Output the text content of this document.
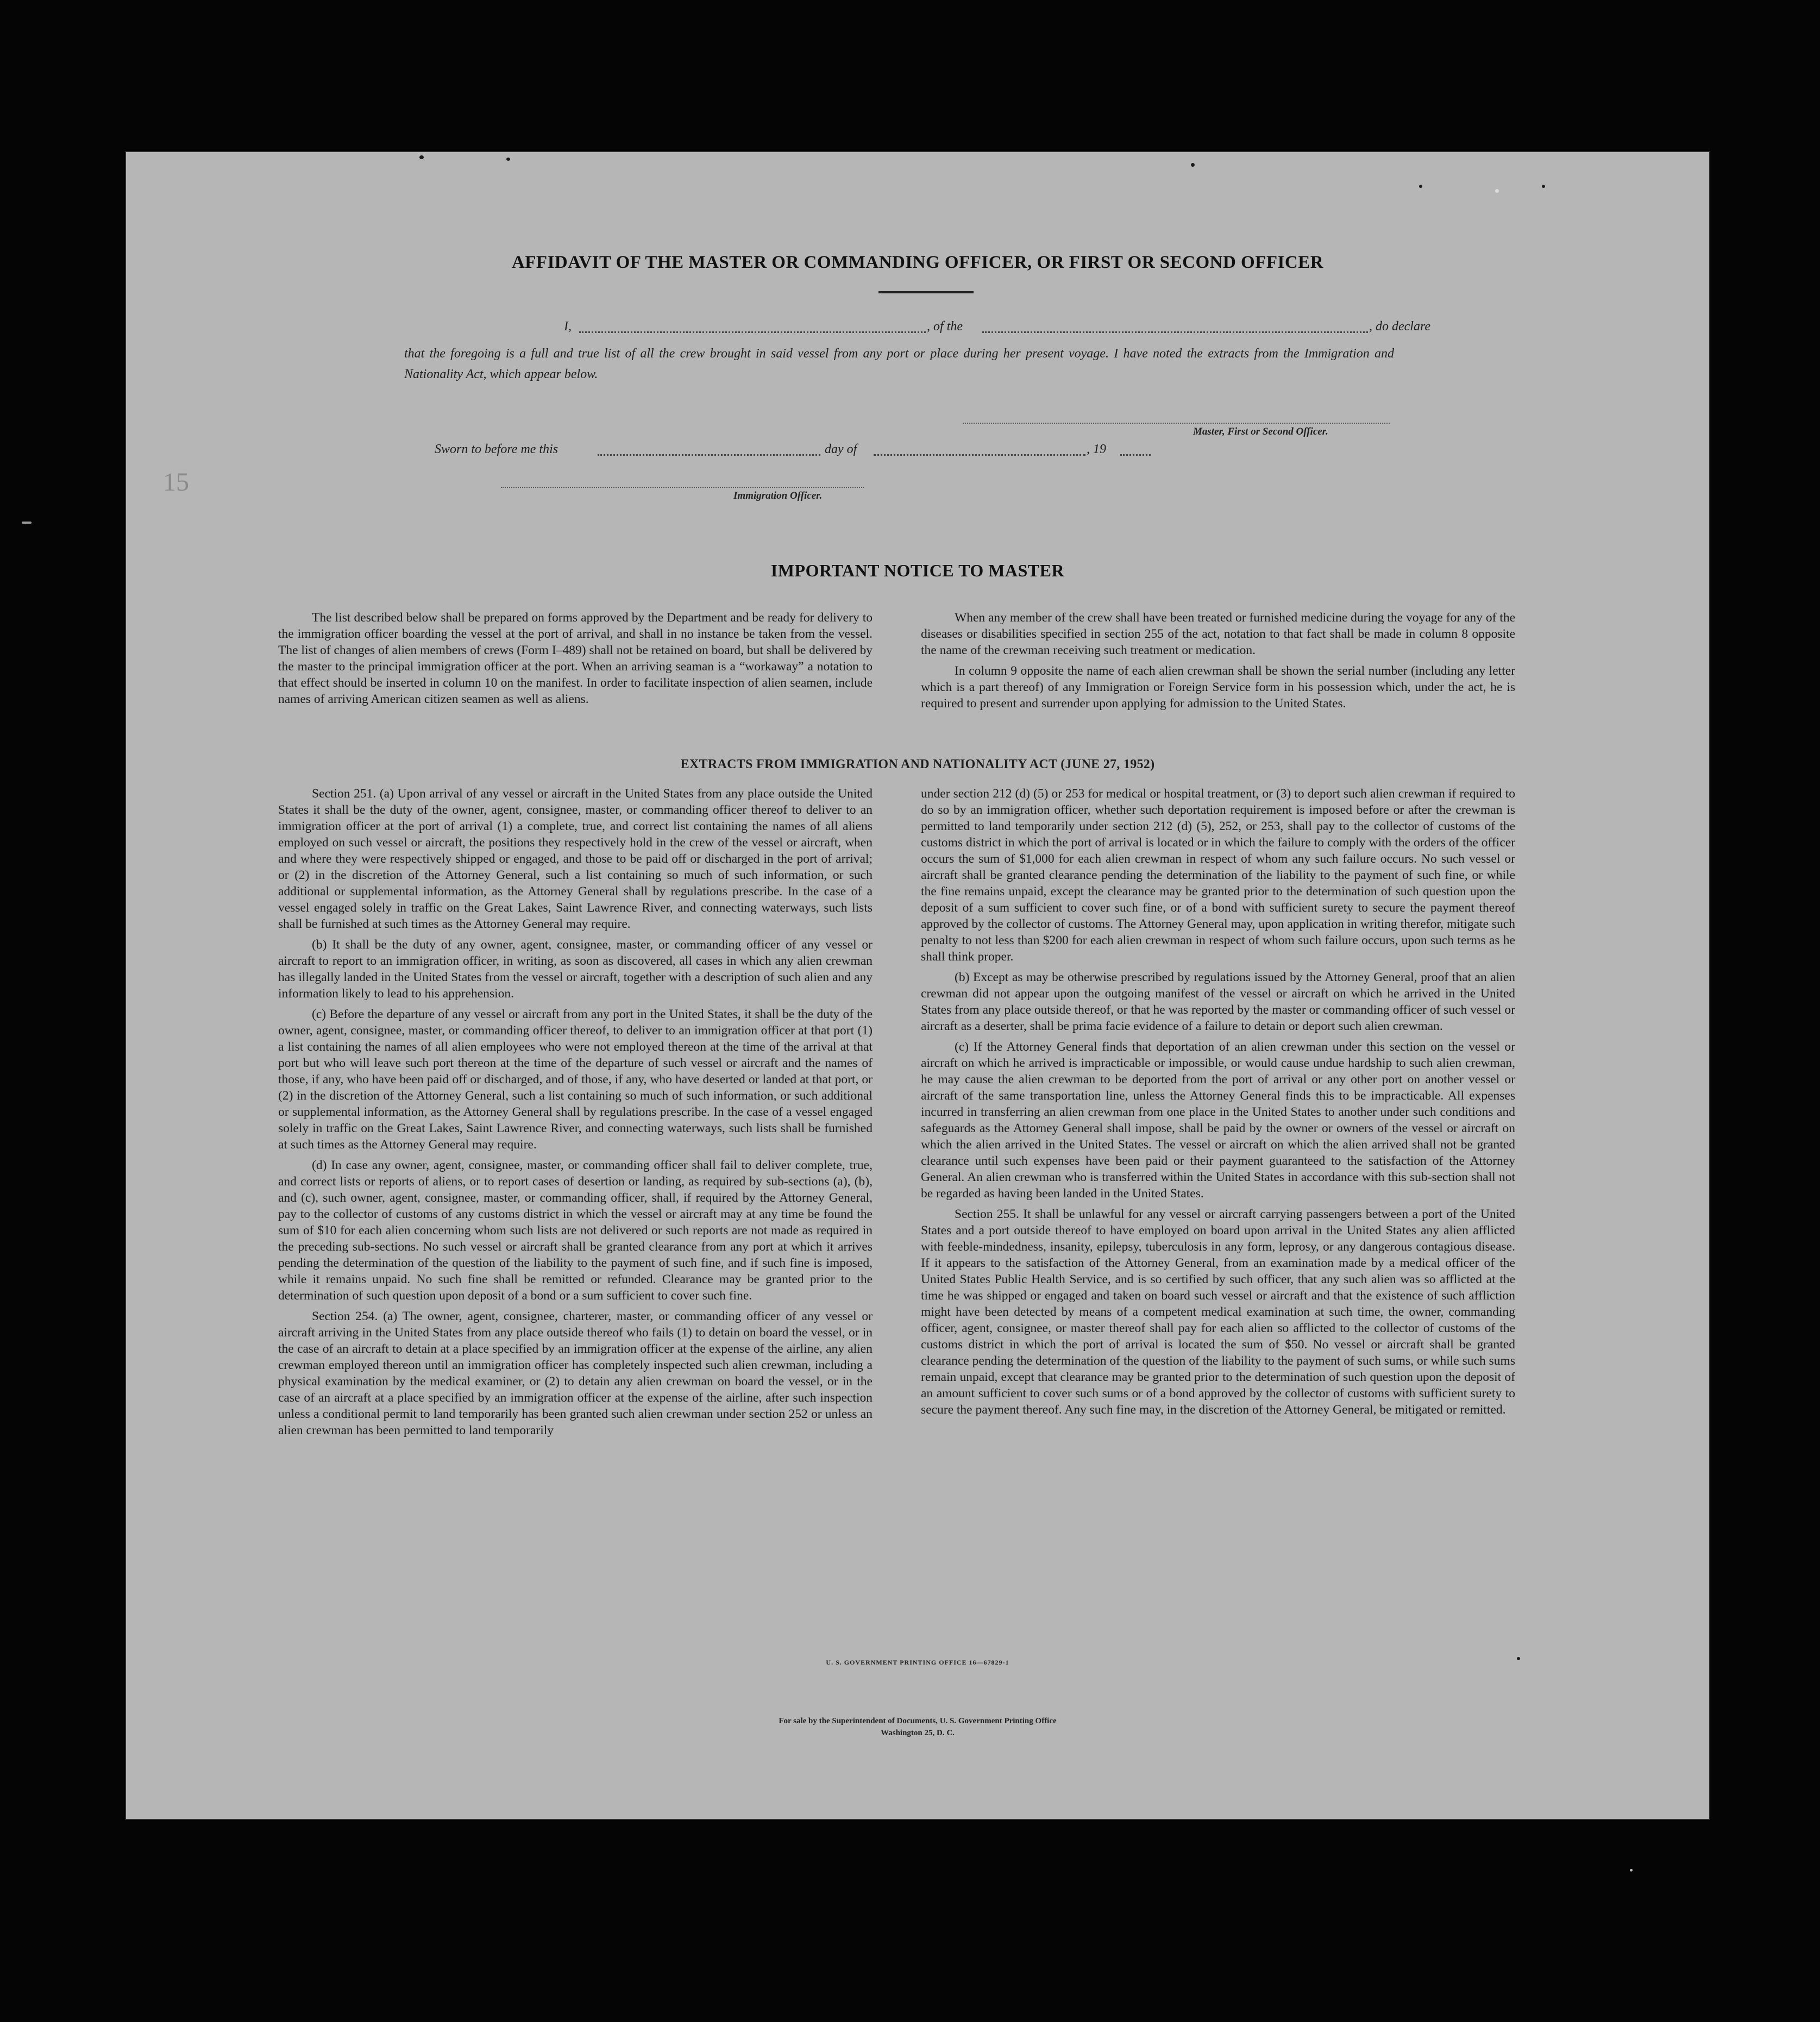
AFFIDAVIT OF THE MASTER OR COMMANDING OFFICER, OR FIRST OR SECOND OFFICER
I,	, of the	, do declare
that the foregoing is a full and true list of all the crew brought in said vessel from any port or place during her present voyage. I have noted the extracts from the Immigration and Nationality Act, which appear below.
Master, First or Second Officer.
Sworn to before me this	day of	, 19
Immigration Officer.
IMPORTANT NOTICE TO MASTER

The list described below shall be prepared on forms approved by the Department and be ready for delivery to the immigration officer boarding the vessel at the port of arrival, and shall in no instance be taken from the vessel. The list of changes of alien members of crews (Form I–489) shall not be retained on board, but shall be delivered by the master to the principal immigration officer at the port. When an arriving seaman is a “workaway” a notation to that effect should be inserted in column 10 on the manifest. In order to facilitate inspection of alien seamen, include names of arriving American citizen seamen as well as aliens.

When any member of the crew shall have been treated or furnished medicine during the voyage for any of the diseases or disabilities specified in section 255 of the act, notation to that fact shall be made in column 8 opposite the name of the crewman receiving such treatment or medication.

In column 9 opposite the name of each alien crewman shall be shown the serial number (including any letter which is a part thereof) of any Immigration or Foreign Service form in his possession which, under the act, he is required to present and surrender upon applying for admission to the United States.

EXTRACTS FROM IMMIGRATION AND NATIONALITY ACT (JUNE 27, 1952)

Section 251. (a) Upon arrival of any vessel or aircraft in the United States from any place outside the United States it shall be the duty of the owner, agent, consignee, master, or commanding officer thereof to deliver to an immigration officer at the port of arrival (1) a complete, true, and correct list containing the names of all aliens employed on such vessel or aircraft, the positions they respectively hold in the crew of the vessel or aircraft, when and where they were respectively shipped or engaged, and those to be paid off or discharged in the port of arrival; or (2) in the discretion of the Attorney General, such a list containing so much of such information, or such additional or supplemental information, as the Attorney General shall by regulations prescribe. In the case of a vessel engaged solely in traffic on the Great Lakes, Saint Lawrence River, and connecting waterways, such lists shall be furnished at such times as the Attorney General may require.

(b) It shall be the duty of any owner, agent, consignee, master, or commanding officer of any vessel or aircraft to report to an immigration officer, in writing, as soon as discovered, all cases in which any alien crewman has illegally landed in the United States from the vessel or aircraft, together with a description of such alien and any information likely to lead to his apprehension.

(c) Before the departure of any vessel or aircraft from any port in the United States, it shall be the duty of the owner, agent, consignee, master, or commanding officer thereof, to deliver to an immigration officer at that port (1) a list containing the names of all alien employees who were not employed thereon at the time of the arrival at that port but who will leave such port thereon at the time of the departure of such vessel or aircraft and the names of those, if any, who have been paid off or discharged, and of those, if any, who have deserted or landed at that port, or (2) in the discretion of the Attorney General, such a list containing so much of such information, or such additional or supplemental information, as the Attorney General shall by regulations prescribe. In the case of a vessel engaged solely in traffic on the Great Lakes, Saint Lawrence River, and connecting waterways, such lists shall be furnished at such times as the Attorney General may require.

(d) In case any owner, agent, consignee, master, or commanding officer shall fail to deliver complete, true, and correct lists or reports of aliens, or to report cases of desertion or landing, as required by sub-sections (a), (b), and (c), such owner, agent, consignee, master, or commanding officer, shall, if required by the Attorney General, pay to the collector of customs of any customs district in which the vessel or aircraft may at any time be found the sum of $10 for each alien concerning whom such lists are not delivered or such reports are not made as required in the preceding sub-sections. No such vessel or aircraft shall be granted clearance from any port at which it arrives pending the determination of the question of the liability to the payment of such fine, and if such fine is imposed, while it remains unpaid. No such fine shall be remitted or refunded. Clearance may be granted prior to the determination of such question upon deposit of a bond or a sum sufficient to cover such fine.

Section 254. (a) The owner, agent, consignee, charterer, master, or commanding officer of any vessel or aircraft arriving in the United States from any place outside thereof who fails (1) to detain on board the vessel, or in the case of an aircraft to detain at a place specified by an immigration officer at the expense of the airline, any alien crewman employed thereon until an immigration officer has completely inspected such alien crewman, including a physical examination by the medical examiner, or (2) to detain any alien crewman on board the vessel, or in the case of an aircraft at a place specified by an immigration officer at the expense of the airline, after such inspection unless a conditional permit to land temporarily has been granted such alien crewman under section 252 or unless an alien crewman has been permitted to land temporarily

under section 212 (d) (5) or 253 for medical or hospital treatment, or (3) to deport such alien crewman if required to do so by an immigration officer, whether such deportation requirement is imposed before or after the crewman is permitted to land temporarily under section 212 (d) (5), 252, or 253, shall pay to the collector of customs of the customs district in which the port of arrival is located or in which the failure to comply with the orders of the officer occurs the sum of $1,000 for each alien crewman in respect of whom any such failure occurs. No such vessel or aircraft shall be granted clearance pending the determination of the liability to the payment of such fine, or while the fine remains unpaid, except the clearance may be granted prior to the determination of such question upon the deposit of a sum sufficient to cover such fine, or of a bond with sufficient surety to secure the payment thereof approved by the collector of customs. The Attorney General may, upon application in writing therefor, mitigate such penalty to not less than $200 for each alien crewman in respect of whom such failure occurs, upon such terms as he shall think proper.

(b) Except as may be otherwise prescribed by regulations issued by the Attorney General, proof that an alien crewman did not appear upon the outgoing manifest of the vessel or aircraft on which he arrived in the United States from any place outside thereof, or that he was reported by the master or commanding officer of such vessel or aircraft as a deserter, shall be prima facie evidence of a failure to detain or deport such alien crewman.

(c) If the Attorney General finds that deportation of an alien crewman under this section on the vessel or aircraft on which he arrived is impracticable or impossible, or would cause undue hardship to such alien crewman, he may cause the alien crewman to be deported from the port of arrival or any other port on another vessel or aircraft of the same transportation line, unless the Attorney General finds this to be impracticable. All expenses incurred in transferring an alien crewman from one place in the United States to another under such conditions and safeguards as the Attorney General shall impose, shall be paid by the owner or owners of the vessel or aircraft on which the alien arrived in the United States. The vessel or aircraft on which the alien arrived shall not be granted clearance until such expenses have been paid or their payment guaranteed to the satisfaction of the Attorney General. An alien crewman who is transferred within the United States in accordance with this sub-section shall not be regarded as having been landed in the United States.

Section 255. It shall be unlawful for any vessel or aircraft carrying passengers between a port of the United States and a port outside thereof to have employed on board upon arrival in the United States any alien afflicted with feeble-mindedness, insanity, epilepsy, tuberculosis in any form, leprosy, or any dangerous contagious disease. If it appears to the satisfaction of the Attorney General, from an examination made by a medical officer of the United States Public Health Service, and is so certified by such officer, that any such alien was so afflicted at the time he was shipped or engaged and taken on board such vessel or aircraft and that the existence of such affliction might have been detected by means of a competent medical examination at such time, the owner, commanding officer, agent, consignee, or master thereof shall pay for each alien so afflicted to the collector of customs of the customs district in which the port of arrival is located the sum of $50. No vessel or aircraft shall be granted clearance pending the determination of the question of the liability to the payment of such sums, or while such sums remain unpaid, except that clearance may be granted prior to the determination of such question upon the deposit of an amount sufficient to cover such sums or of a bond approved by the collector of customs with sufficient surety to secure the payment thereof. Any such fine may, in the discretion of the Attorney General, be mitigated or remitted.

U. S. GOVERNMENT PRINTING OFFICE 16—67829-1
For sale by the Superintendent of Documents, U. S. Government Printing Office
Washington 25, D. C.
15
